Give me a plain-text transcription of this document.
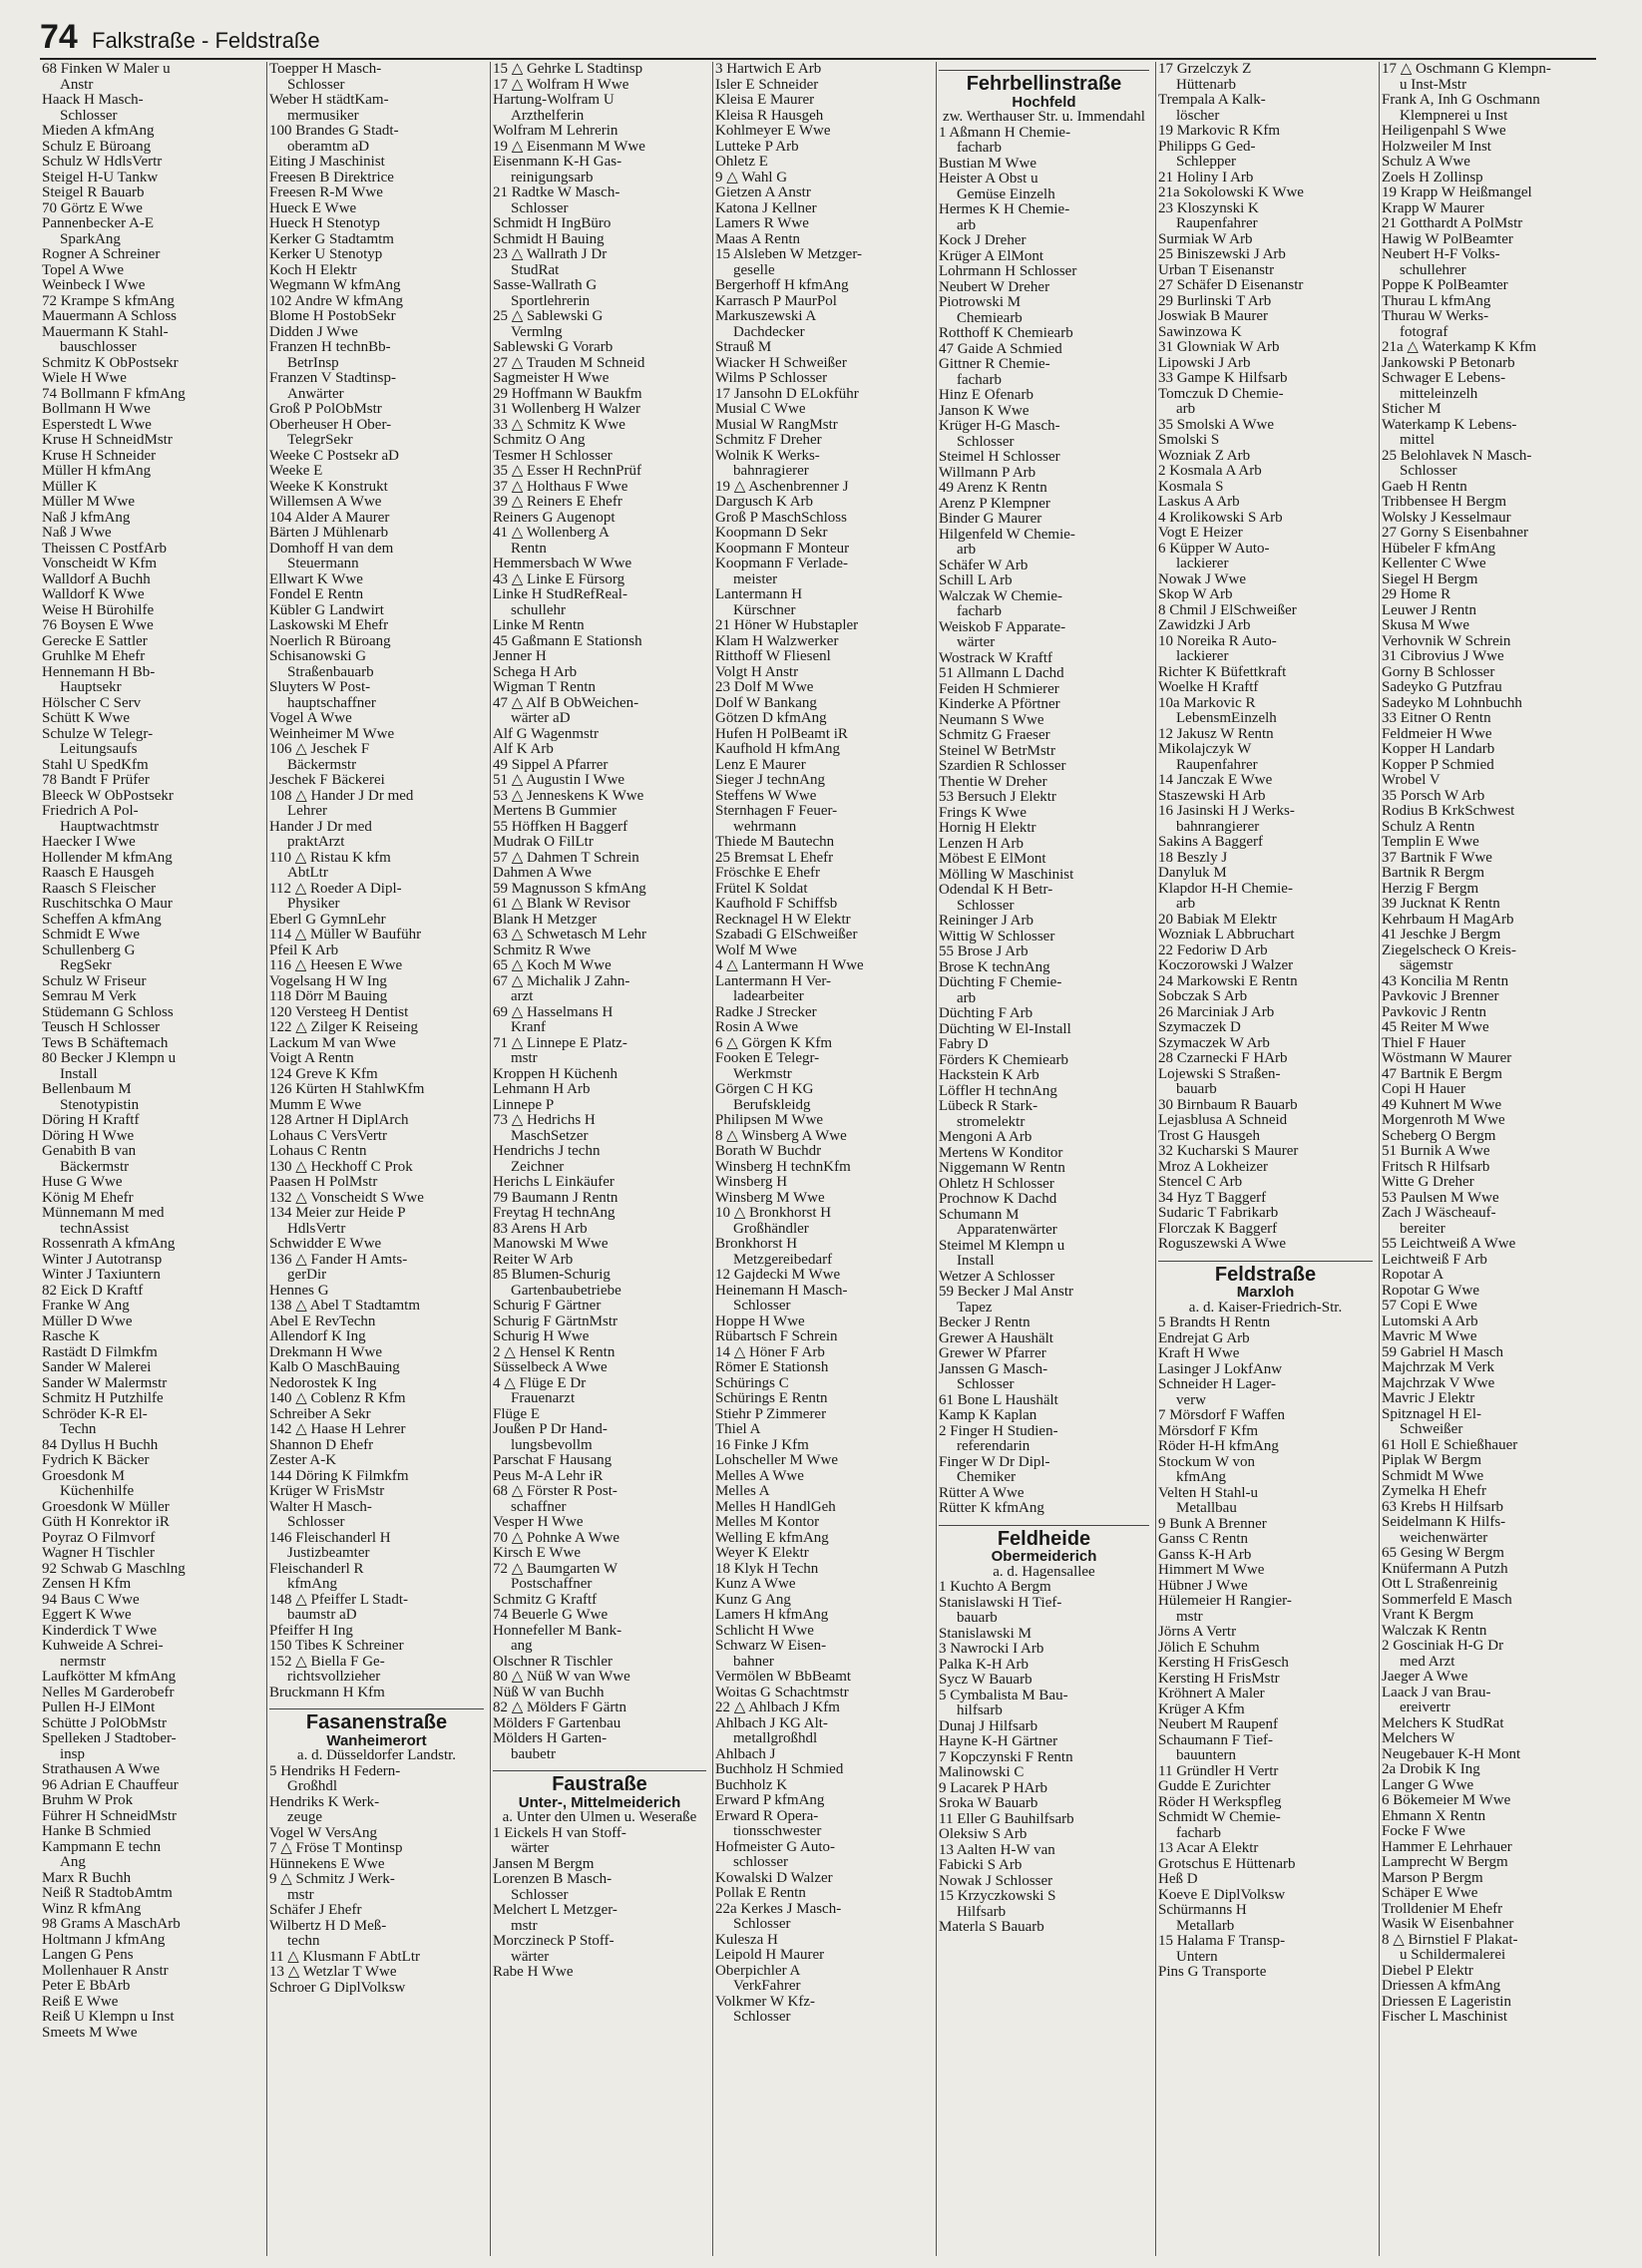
74 Falkstraße - Feldstraße
68 Finken W Maler u
Anstr
Haack H Masch-
Schlosser
Mieden A kfmAng
Schulz E Büroang
Schulz W HdlsVertr
Steigel H-U Tankw
Steigel R Bauarb
70 Görtz E Wwe
Pannenbecker A-E
SparkAng
Rogner A Schreiner
Topel A Wwe
Weinbeck I Wwe
72 Krampe S kfmAng
Mauermann A Schloss
Mauermann K Stahl-
bauschlosser
Schmitz K ObPostsekr
Wiele H Wwe
74 Bollmann F kfmAng
Bollmann H Wwe
Esperstedt L Wwe
Kruse H SchneidMstr
Kruse H Schneider
Müller H kfmAng
Müller K
Müller M Wwe
Naß J kfmAng
Naß J Wwe
Theissen C PostfArb
Vonscheidt W Kfm
Walldorf A Buchh
Walldorf K Wwe
Weise H Bürohilfe
76 Boysen E Wwe
Gerecke E Sattler
Gruhlke M Ehefr
Hennemann H Bb-
Hauptsekr
Hölscher C Serv
Schütt K Wwe
Schulze W Telegr-
Leitungsaufs
Stahl U SpedKfm
78 Bandt F Prüfer
Bleeck W ObPostsekr
Friedrich A Pol-
Hauptwachtmstr
Haecker I Wwe
Hollender M kfmAng
Raasch E Hausgeh
Raasch S Fleischer
Ruschitschka O Maur
Scheffen A kfmAng
Schmidt E Wwe
Schullenberg G
RegSekr
Schulz W Friseur
Semrau M Verk
Stüdemann G Schloss
Teusch H Schlosser
Tews B Schäftemach
80 Becker J Klempn u
Install
Bellenbaum M
Stenotypistin
Döring H Kraftf
Döring H Wwe
Genabith B van
Bäckermstr
Huse G Wwe
König M Ehefr
Münnemann M med
technAssist
Rossenrath A kfmAng
Winter J Autotransp
Winter J Taxiuntern
82 Eick D Kraftf
Franke W Ang
Müller D Wwe
Rasche K
Rastädt D Filmkfm
Sander W Malerei
Sander W Malermstr
Schmitz H Putzhilfe
Schröder K-R El-
Techn
84 Dyllus H Buchh
Fydrich K Bäcker
Groesdonk M
Küchenhilfe
Groesdonk W Müller
Güth H Konrektor iR
Poyraz O Filmvorf
Wagner H Tischler
92 Schwab G Maschlng
Zensen H Kfm
94 Baus C Wwe
Eggert K Wwe
Kinderdick T Wwe
Kuhweide A Schrei-
nermstr
Laufkötter M kfmAng
Nelles M Garderobefr
Pullen H-J ElMont
Schütte J PolObMstr
Spelleken J Stadtober-
insp
Strathausen A Wwe
96 Adrian E Chauffeur
Bruhm W Prok
Führer H SchneidMstr
Hanke B Schmied
Kampmann E techn
Ang
Marx R Buchh
Neiß R StadtobAmtm
Winz R kfmAng
98 Grams A MaschArb
Holtmann J kfmAng
Langen G Pens
Mollenhauer R Anstr
Peter E BbArb
Reiß E Wwe
Reiß U Klempn u Inst
Smeets M Wwe
Toepper H Masch-
Schlosser
Weber H städtKam-
mermusiker
100 Brandes G Stadt-
oberamtm aD
Eiting J Maschinist
Freesen B Direktrice
Freesen R-M Wwe
Hueck E Wwe
Hueck H Stenotyp
Kerker G Stadtamtm
Kerker U Stenotyp
Koch H Elektr
Wegmann W kfmAng
102 Andre W kfmAng
Blome H PostobSekr
Didden J Wwe
Franzen H technBb-
BetrInsp
Franzen V Stadtinsp-
Anwärter
Groß P PolObMstr
Oberheuser H Ober-
TelegrSekr
Weeke C Postsekr aD
Weeke E
Weeke K Konstrukt
Willemsen A Wwe
104 Alder A Maurer
Bärten J Mühlenarb
Domhoff H van dem
Steuermann
Ellwart K Wwe
Fondel E Rentn
Kübler G Landwirt
Laskowski M Ehefr
Noerlich R Büroang
Schisanowski G
Straßenbauarb
Sluyters W Post-
hauptschaffner
Vogel A Wwe
Weinheimer M Wwe
106 △ Jeschek F
Bäckermstr
Jeschek F Bäckerei
108 △ Hander J Dr med
Lehrer
Hander J Dr med
praktArzt
110 △ Ristau K kfm
AbtLtr
112 △ Roeder A Dipl-
Physiker
Eberl G GymnLehr
114 △ Müller W Bauführ
Pfeil K Arb
116 △ Heesen E Wwe
Vogelsang H W Ing
118 Dörr M Bauing
120 Versteeg H Dentist
122 △ Zilger K Reiseing
Lackum M van Wwe
Voigt A Rentn
124 Greve K Kfm
126 Kürten H StahlwKfm
Mumm E Wwe
128 Artner H DiplArch
Lohaus C VersVertr
Lohaus C Rentn
130 △ Heckhoff C Prok
Paasen H PolMstr
132 △ Vonscheidt S Wwe
134 Meier zur Heide P
HdlsVertr
Schwidder E Wwe
136 △ Fander H Amts-
gerDir
Hennes G
138 △ Abel T Stadtamtm
Abel E RevTechn
Allendorf K Ing
Drekmann H Wwe
Kalb O MaschBauing
Nedorostek K Ing
140 △ Coblenz R Kfm
Schreiber A Sekr
142 △ Haase H Lehrer
Shannon D Ehefr
Zester A-K
144 Döring K Filmkfm
Krüger W FrisMstr
Walter H Masch-
Schlosser
146 Fleischanderl H
Justizbeamter
Fleischanderl R
kfmAng
148 △ Pfeiffer L Stadt-
baumstr aD
Pfeiffer H Ing
150 Tibes K Schreiner
152 △ Biella F Ge-
richtsvollzieher
Bruckmann H Kfm
Fasanenstraße
Wanheimerort
a. d. Düsseldorfer Landstr.
5 Hendriks H Federn-
Großhdl
Hendriks K Werk-
zeuge
Vogel W VersAng
7 △ Fröse T Montinsp
Hünnekens E Wwe
9 △ Schmitz J Werk-
mstr
Schäfer J Ehefr
Wilbertz H D Meß-
techn
11 △ Klusmann F AbtLtr
13 △ Wetzlar T Wwe
Schroer G DiplVolksw
15 △ Gehrke L Stadtinsp
17 △ Wolfram H Wwe
Hartung-Wolfram U
Arzthelferin
Wolfram M Lehrerin
19 △ Eisenmann M Wwe
Eisenmann K-H Gas-
reinigungsarb
21 Radtke W Masch-
Schlosser
Schmidt H IngBüro
Schmidt H Bauing
23 △ Wallrath J Dr
StudRat
Sasse-Wallrath G
Sportlehrerin
25 △ Sablewski G
Vermlng
Sablewski G Vorarb
27 △ Trauden M Schneid
Sagmeister H Wwe
29 Hoffmann W Baukfm
31 Wollenberg H Walzer
33 △ Schmitz K Wwe
Schmitz O Ang
Tesmer H Schlosser
35 △ Esser H RechnPrüf
37 △ Holthaus F Wwe
39 △ Reiners E Ehefr
Reiners G Augenopt
41 △ Wollenberg A
Rentn
Hemmersbach W Wwe
43 △ Linke E Fürsorg
Linke H StudRefReal-
schullehr
Linke M Rentn
45 Gaßmann E Stationsh
Jenner H
Schega H Arb
Wigman T Rentn
47 △ Alf B ObWeichen-
wärter aD
Alf G Wagenmstr
Alf K Arb
49 Sippel A Pfarrer
51 △ Augustin I Wwe
53 △ Jenneskens K Wwe
Mertens B Gummier
55 Höffken H Baggerf
Mudrak O FilLtr
57 △ Dahmen T Schrein
Dahmen A Wwe
59 Magnusson S kfmAng
61 △ Blank W Revisor
Blank H Metzger
63 △ Schwetasch M Lehr
Schmitz R Wwe
65 △ Koch M Wwe
67 △ Michalik J Zahn-
arzt
69 △ Hasselmans H
Kranf
71 △ Linnepe E Platz-
mstr
Kroppen H Küchenh
Lehmann H Arb
Linnepe P
73 △ Hedrichs H
MaschSetzer
Hendrichs J techn
Zeichner
Herichs L Einkäufer
79 Baumann J Rentn
Freytag H technAng
83 Arens H Arb
Manowski M Wwe
Reiter W Arb
85 Blumen-Schurig
Gartenbaubetriebe
Schurig F Gärtner
Schurig F GärtnMstr
Schurig H Wwe
2 △ Hensel K Rentn
Süsselbeck A Wwe
4 △ Flüge E Dr
Frauenarzt
Flüge E
Joußen P Dr Hand-
lungsbevollm
Parschat F Hausang
Peus M-A Lehr iR
68 △ Förster R Post-
schaffner
Vesper H Wwe
70 △ Pohnke A Wwe
Kirsch E Wwe
72 △ Baumgarten W
Postschaffner
Schmitz G Kraftf
74 Beuerle G Wwe
Honnefeller M Bank-
ang
Olschner R Tischler
80 △ Nüß W van Wwe
Nüß W van Buchh
82 △ Mölders F Gärtn
Mölders F Gartenbau
Mölders H Garten-
baubetr
Faustraße
Unter-, Mittelmeiderich
a. Unter den Ulmen u. Weseraße
1 Eickels H van Stoff-
wärter
Jansen M Bergm
Lorenzen B Masch-
Schlosser
Melchert L Metzger-
mstr
Morczineck P Stoff-
wärter
Rabe H Wwe
3 Hartwich E Arb
Isler E Schneider
Kleisa E Maurer
Kleisa R Hausgeh
Kohlmeyer E Wwe
Lutteke P Arb
Ohletz E
9 △ Wahl G
Gietzen A Anstr
Katona J Kellner
Lamers R Wwe
Maas A Rentn
15 Alsleben W Metzger-
geselle
Bergerhoff H kfmAng
Karrasch P MaurPol
Markuszewski A
Dachdecker
Strauß M
Wiacker H Schweißer
Wilms P Schlosser
17 Jansohn D ELokführ
Musial C Wwe
Musial W RangMstr
Schmitz F Dreher
Wolnik K Werks-
bahnragierer
19 △ Aschenbrenner J
Dargusch K Arb
Groß P MaschSchloss
Koopmann D Sekr
Koopmann F Monteur
Koopmann F Verlade-
meister
Lantermann H
Kürschner
21 Höner W Hubstapler
Klam H Walzwerker
Ritthoff W Fliesenl
Volgt H Anstr
23 Dolf M Wwe
Dolf W Bankang
Götzen D kfmAng
Hufen H PolBeamt iR
Kaufhold H kfmAng
Lenz E Maurer
Sieger J technAng
Steffens W Wwe
Sternhagen F Feuer-
wehrmann
Thiede M Bautechn
25 Bremsat L Ehefr
Fröschke E Ehefr
Frütel K Soldat
Kaufhold F Schiffsb
Recknagel H W Elektr
Szabadi G ElSchweißer
Wolf M Wwe
4 △ Lantermann H Wwe
Lantermann H Ver-
ladearbeiter
Radke J Strecker
Rosin A Wwe
6 △ Görgen K Kfm
Fooken E Telegr-
Werkmstr
Görgen C H KG
Berufskleidg
Philipsen M Wwe
8 △ Winsberg A Wwe
Borath W Buchdr
Winsberg H technKfm
Winsberg H
Winsberg M Wwe
10 △ Bronkhorst H
Großhändler
Bronkhorst H
Metzgereibedarf
12 Gajdecki M Wwe
Heinemann H Masch-
Schlosser
Hoppe H Wwe
Rübartsch F Schrein
14 △ Höner F Arb
Römer E Stationsh
Schürings C
Schürings E Rentn
Stiehr P Zimmerer
Thiel A
16 Finke J Kfm
Lohscheller M Wwe
Melles A Wwe
Melles A
Melles H HandlGeh
Melles M Kontor
Welling E kfmAng
Weyer K Elektr
18 Klyk H Techn
Kunz A Wwe
Kunz G Ang
Lamers H kfmAng
Schlicht H Wwe
Schwarz W Eisen-
bahner
Vermölen W BbBeamt
Woitas G Schachtmstr
22 △ Ahlbach J Kfm
Ahlbach J KG Alt-
metallgroßhdl
Ahlbach J
Buchholz H Schmied
Buchholz K
Erward P kfmAng
Erward R Opera-
tionsschwester
Hofmeister G Auto-
schlosser
Kowalski D Walzer
Pollak E Rentn
22a Kerkes J Masch-
Schlosser
Kulesza H
Leipold H Maurer
Oberpichler A
VerkFahrer
Volkmer W Kfz-
Schlosser
Fehrbellinstraße
Hochfeld
zw. Werthauser Str. u. Immendahl
1 Aßmann H Chemie-
facharb
Bustian M Wwe
Heister A Obst u
Gemüse Einzelh
Hermes K H Chemie-
arb
Kock J Dreher
Krüger A ElMont
Lohrmann H Schlosser
Neubert W Dreher
Piotrowski M
Chemiearb
Rotthoff K Chemiearb
47 Gaide A Schmied
Gittner R Chemie-
facharb
Hinz E Ofenarb
Janson K Wwe
Krüger H-G Masch-
Schlosser
Steimel H Schlosser
Willmann P Arb
49 Arenz K Rentn
Arenz P Klempner
Binder G Maurer
Hilgenfeld W Chemie-
arb
Schäfer W Arb
Schill L Arb
Walczak W Chemie-
facharb
Weiskob F Apparate-
wärter
Wostrack W Kraftf
51 Allmann L Dachd
Feiden H Schmierer
Kinderke A Pförtner
Neumann S Wwe
Schmitz G Fraeser
Steinel W BetrMstr
Szardien R Schlosser
Thentie W Dreher
53 Bersuch J Elektr
Frings K Wwe
Hornig H Elektr
Lenzen H Arb
Möbest E ElMont
Mölling W Maschinist
Odendal K H Betr-
Schlosser
Reininger J Arb
Wittig W Schlosser
55 Brose J Arb
Brose K technAng
Düchting F Chemie-
arb
Düchting F Arb
Düchting W El-Install
Fabry D
Förders K Chemiearb
Hackstein K Arb
Löffler H technAng
Lübeck R Stark-
stromelektr
Mengoni A Arb
Mertens W Konditor
Niggemann W Rentn
Ohletz H Schlosser
Prochnow K Dachd
Schumann M
Apparatenwärter
Steimel M Klempn u
Install
Wetzer A Schlosser
59 Becker J Mal Anstr
Tapez
Becker J Rentn
Grewer A Haushält
Grewer W Pfarrer
Janssen G Masch-
Schlosser
61 Bone L Haushält
Kamp K Kaplan
2 Finger H Studien-
referendarin
Finger W Dr Dipl-
Chemiker
Rütter A Wwe
Rütter K kfmAng
Feldheide
Obermeiderich
a. d. Hagensallee
1 Kuchto A Bergm
Stanislawski H Tief-
bauarb
Stanislawski M
3 Nawrocki I Arb
Palka K-H Arb
Sycz W Bauarb
5 Cymbalista M Bau-
hilfsarb
Dunaj J Hilfsarb
Hayne K-H Gärtner
7 Kopczynski F Rentn
Malinowski C
9 Lacarek P HArb
Sroka W Bauarb
11 Eller G Bauhilfsarb
Oleksiw S Arb
13 Aalten H-W van
Fabicki S Arb
Nowak J Schlosser
15 Krzyczkowski S
Hilfsarb
Materla S Bauarb
17 Grzelczyk Z
Hüttenarb
Trempala A Kalk-
löscher
19 Markovic R Kfm
Philipps G Ged-
Schlepper
21 Holiny I Arb
21a Sokolowski K Wwe
23 Kloszynski K
Raupenfahrer
Surmiak W Arb
25 Biniszewski J Arb
Urban T Eisenanstr
27 Schäfer D Eisenanstr
29 Burlinski T Arb
Joswiak B Maurer
Sawinzowa K
31 Glowniak W Arb
Lipowski J Arb
33 Gampe K Hilfsarb
Tomczuk D Chemie-
arb
35 Smolski A Wwe
Smolski S
Wozniak Z Arb
2 Kosmala A Arb
Kosmala S
Laskus A Arb
4 Krolikowski S Arb
Vogt E Heizer
6 Küpper W Auto-
lackierer
Nowak J Wwe
Skop W Arb
8 Chmil J ElSchweißer
Zawidzki J Arb
10 Noreika R Auto-
lackierer
Richter K Büfettkraft
Woelke H Kraftf
10a Markovic R
LebensmEinzelh
12 Jakusz W Rentn
Mikolajczyk W
Raupenfahrer
14 Janczak E Wwe
Staszewski H Arb
16 Jasinski H J Werks-
bahnrangierer
Sakins A Baggerf
18 Beszly J
Danyluk M
Klapdor H-H Chemie-
arb
20 Babiak M Elektr
Wozniak L Abbruchart
22 Fedoriw D Arb
Koczorowski J Walzer
24 Markowski E Rentn
Sobczak S Arb
26 Marciniak J Arb
Szymaczek D
Szymaczek W Arb
28 Czarnecki F HArb
Lojewski S Straßen-
bauarb
30 Birnbaum R Bauarb
Lejasblusa A Schneid
Trost G Hausgeh
32 Kucharski S Maurer
Mroz A Lokheizer
Stencel C Arb
34 Hyz T Baggerf
Sudaric T Fabrikarb
Florczak K Baggerf
Roguszewski A Wwe
Feldstraße
Marxloh
a. d. Kaiser-Friedrich-Str.
5 Brandts H Rentn
Endrejat G Arb
Kraft H Wwe
Lasinger J LokfAnw
Schneider H Lager-
verw
7 Mörsdorf F Waffen
Mörsdorf F Kfm
Röder H-H kfmAng
Stockum W von
kfmAng
Velten H Stahl-u
Metallbau
9 Bunk A Brenner
Ganss C Rentn
Ganss K-H Arb
Himmert M Wwe
Hübner J Wwe
Hülemeier H Rangier-
mstr
Jörns A Vertr
Jölich E Schuhm
Kersting H FrisGesch
Kersting H FrisMstr
Kröhnert A Maler
Krüger A Kfm
Neubert M Raupenf
Schaumann F Tief-
bauuntern
11 Gründler H Vertr
Gudde E Zurichter
Röder H Werkspfleg
Schmidt W Chemie-
facharb
13 Acar A Elektr
Grotschus E Hüttenarb
Heß D
Koeve E DiplVolksw
Schürmanns H
Metallarb
15 Halama F Transp-
Untern
Pins G Transporte
17 △ Oschmann G Klempn-
u Inst-Mstr
Frank A, Inh G Oschmann
Klempnerei u Inst
Heiligenpahl S Wwe
Holzweiler M Inst
Schulz A Wwe
Zoels H Zollinsp
19 Krapp W Heißmangel
Krapp W Maurer
21 Gotthardt A PolMstr
Hawig W PolBeamter
Neubert H-F Volks-
schullehrer
Poppe K PolBeamter
Thurau L kfmAng
Thurau W Werks-
fotograf
21a △ Waterkamp K Kfm
Jankowski P Betonarb
Schwager E Lebens-
mitteleinzelh
Sticher M
Waterkamp K Lebens-
mittel
25 Belohlavek N Masch-
Schlosser
Gaeb H Rentn
Tribbensee H Bergm
Wolsky J Kesselmaur
27 Gorny S Eisenbahner
Hübeler F kfmAng
Kellenter C Wwe
Siegel H Bergm
29 Home R
Leuwer J Rentn
Skusa M Wwe
Verhovnik W Schrein
31 Cibrovius J Wwe
Gorny B Schlosser
Sadeyko G Putzfrau
Sadeyko M Lohnbuchh
33 Eitner O Rentn
Feldmeier H Wwe
Kopper H Landarb
Kopper P Schmied
Wrobel V
35 Porsch W Arb
Rodius B KrkSchwest
Schulz A Rentn
Templin E Wwe
37 Bartnik F Wwe
Bartnik R Bergm
Herzig F Bergm
39 Jucknat K Rentn
Kehrbaum H MagArb
41 Jeschke J Bergm
Ziegelscheck O Kreis-
sägemstr
43 Koncilia M Rentn
Pavkovic J Brenner
Pavkovic J Rentn
45 Reiter M Wwe
Thiel F Hauer
Wöstmann W Maurer
47 Bartnik E Bergm
Copi H Hauer
49 Kuhnert M Wwe
Morgenroth M Wwe
Scheberg O Bergm
51 Burnik A Wwe
Fritsch R Hilfsarb
Witte G Dreher
53 Paulsen M Wwe
Zach J Wäscheauf-
bereiter
55 Leichtweiß A Wwe
Leichtweiß F Arb
Ropotar A
Ropotar G Wwe
57 Copi E Wwe
Lutomski A Arb
Mavric M Wwe
59 Gabriel H Masch
Majchrzak M Verk
Majchrzak V Wwe
Mavric J Elektr
Spitznagel H El-
Schweißer
61 Holl E Schießhauer
Piplak W Bergm
Schmidt M Wwe
Zymelka H Ehefr
63 Krebs H Hilfsarb
Seidelmann K Hilfs-
weichenwärter
65 Gesing W Bergm
Knüfermann A Putzh
Ott L Straßenreinig
Sommerfeld E Masch
Vrant K Bergm
Walczak K Rentn
2 Gosciniak H-G Dr
med Arzt
Jaeger A Wwe
Laack J van Brau-
ereivertr
Melchers K StudRat
Melchers W
Neugebauer K-H Mont
2a Drobik K Ing
Langer G Wwe
6 Bökemeier M Wwe
Ehmann X Rentn
Focke F Wwe
Hammer E Lehrhauer
Lamprecht W Bergm
Marson P Bergm
Schäper E Wwe
Trolldenier M Ehefr
Wasik W Eisenbahner
8 △ Birnstiel F Plakat-
u Schildermalerei
Diebel P Elektr
Driessen A kfmAng
Driessen E Lageristin
Fischer L Maschinist
